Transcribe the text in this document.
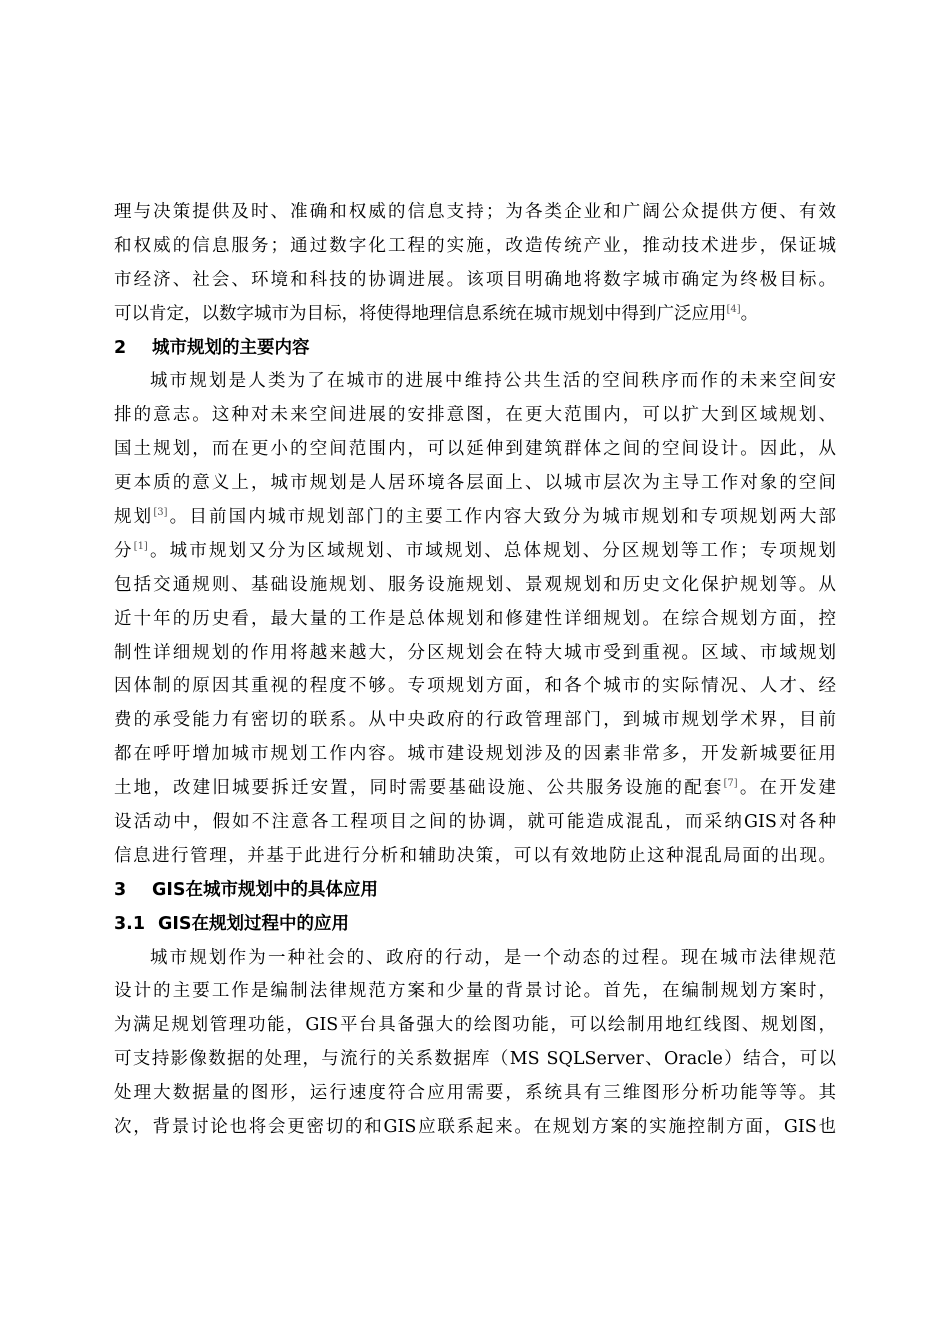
理与决策提供及时、准确和权威的信息支持；为各类企业和广阔公众提供方便、有效
和权威的信息服务；通过数字化工程的实施，改造传统产业，推动技术进步，保证城
市经济、社会、环境和科技的协调进展。该项目明确地将数字城市确定为终极目标。
可以肯定，以数字城市为目标，将使得地理信息系统在城市规划中得到广泛应用[4]。
2 城市规划的主要内容
城市规划是人类为了在城市的进展中维持公共生活的空间秩序而作的未来空间安
排的意志。这种对未来空间进展的安排意图，在更大范围内，可以扩大到区域规划、
国土规划，而在更小的空间范围内，可以延伸到建筑群体之间的空间设计。因此，从
更本质的意义上，城市规划是人居环境各层面上、以城市层次为主导工作对象的空间
规划[3]。目前国内城市规划部门的主要工作内容大致分为城市规划和专项规划两大部
分[1]。城市规划又分为区域规划、市域规划、总体规划、分区规划等工作；专项规划
包括交通规则、基础设施规划、服务设施规划、景观规划和历史文化保护规划等。从
近十年的历史看，最大量的工作是总体规划和修建性详细规划。在综合规划方面，控
制性详细规划的作用将越来越大，分区规划会在特大城市受到重视。区域、市域规划
因体制的原因其重视的程度不够。专项规划方面，和各个城市的实际情况、人才、经
费的承受能力有密切的联系。从中央政府的行政管理部门，到城市规划学术界，目前
都在呼吁增加城市规划工作内容。城市建设规划涉及的因素非常多，开发新城要征用
土地，改建旧城要拆迁安置，同时需要基础设施、公共服务设施的配套[7]。在开发建
设活动中，假如不注意各工程项目之间的协调，就可能造成混乱，而采纳GIS对各种
信息进行管理，并基于此进行分析和辅助决策，可以有效地防止这种混乱局面的出现。
3 GIS在城市规划中的具体应用
3.1 GIS在规划过程中的应用
城市规划作为一种社会的、政府的行动，是一个动态的过程。现在城市法律规范
设计的主要工作是编制法律规范方案和少量的背景讨论。首先，在编制规划方案时，
为满足规划管理功能，GIS平台具备强大的绘图功能，可以绘制用地红线图、规划图，
可支持影像数据的处理，与流行的关系数据库（MS SQLServer、Oracle）结合，可以
处理大数据量的图形，运行速度符合应用需要，系统具有三维图形分析功能等等。其
次，背景讨论也将会更密切的和GIS应联系起来。在规划方案的实施控制方面，GIS也
